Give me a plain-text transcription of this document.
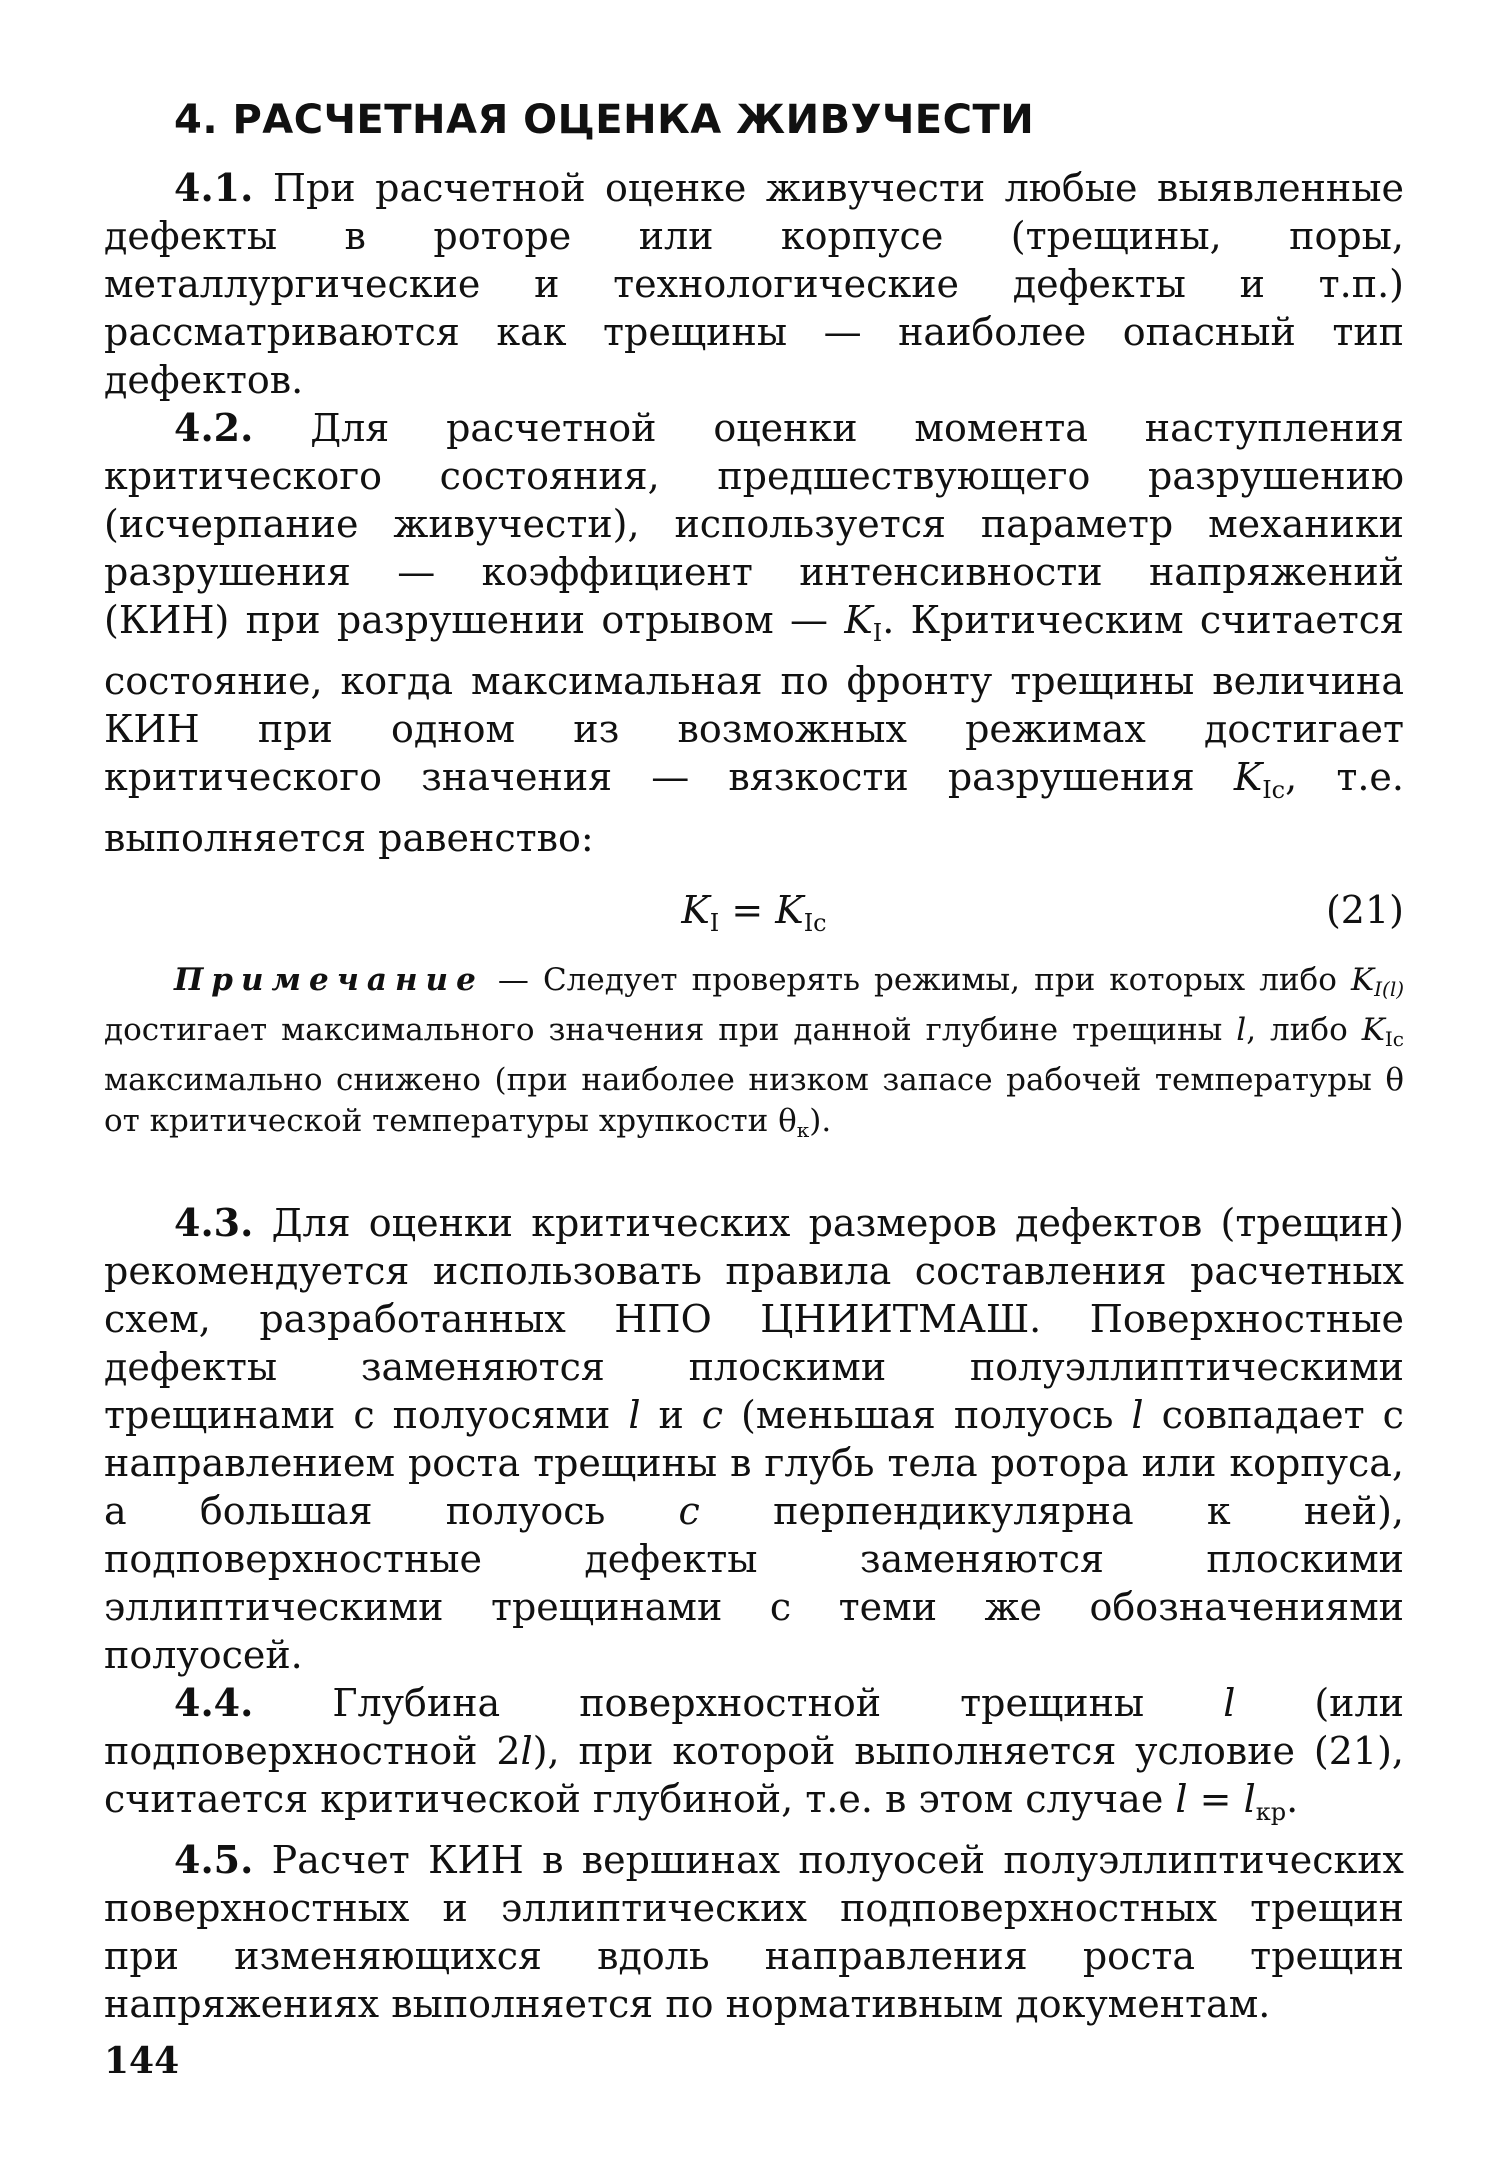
4. РАСЧЕТНАЯ ОЦЕНКА ЖИВУЧЕСТИ

4.1. При расчетной оценке живучести любые выявленные дефекты в роторе или корпусе (трещины, поры, металлургические и технологические дефекты и т.п.) рассматриваются как трещины — наиболее опасный тип дефектов.

4.2. Для расчетной оценки момента наступления критического состояния, предшествующего разрушению (исчерпание живучести), используется параметр механики разрушения — коэффициент интенсивности напряжений (КИН) при разрушении отрывом — $K_I$. Критическим считается состояние, когда максимальная по фронту трещины величина КИН при одном из возможных режимах достигает критического значения — вязкости разрушения $K_{Ic}$, т.е. выполняется равенство:

$K_I = K_{Ic}$	(21)

Примечание — Следует проверять режимы, при которых либо KI(l) достигает максимального значения при данной глубине трещины l, либо $K_{Ic}$ максимально снижено (при наиболее низком запасе рабочей температуры θ от критической температуры хрупкости $\theta_к$).

4.3. Для оценки критических размеров дефектов (трещин) рекомендуется использовать правила составления расчетных схем, разработанных НПО ЦНИИТМАШ. Поверхностные дефекты заменяются плоскими полуэллиптическими трещинами с полуосями l и c (меньшая полуось l совпадает с направлением роста трещины в глубь тела ротора или корпуса, а большая полуось c перпендикулярна к ней), подповерхностные дефекты заменяются плоскими эллиптическими трещинами с теми же обозначениями полуосей.

4.4. Глубина поверхностной трещины l (или подповерхностной 2l), при которой выполняется условие (21), считается критической глубиной, т.е. в этом случае $l = l_{кр}$.

4.5. Расчет КИН в вершинах полуосей полуэллиптических поверхностных и эллиптических подповерхностных трещин при изменяющихся вдоль направления роста трещин напряжениях выполняется по нормативным документам.

144
